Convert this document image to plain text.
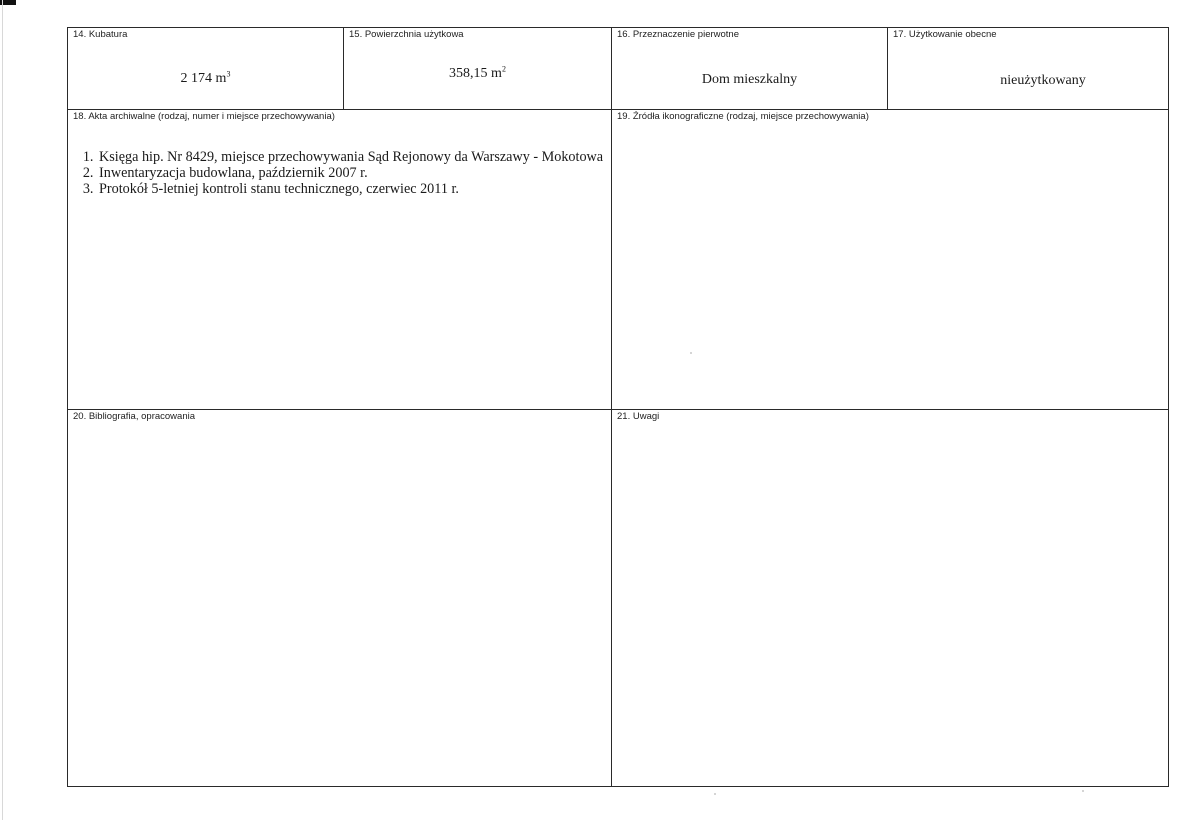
14. Kubatura
2 174 $m^3$
15. Powierzchnia użytkowa
358,15 $m^2$
16. Przeznaczenie pierwotne
Dom mieszkalny
17. Użytkowanie obecne
nieużytkowany
18. Akta archiwalne (rodzaj, numer i miejsce przechowywania)
1. Księga hip. Nr 8429, miejsce przechowywania Sąd Rejonowy da Warszawy - Mokotowa
2. Inwentaryzacja budowlana, październik 2007 r.
3. Protokół 5-letniej kontroli stanu technicznego, czerwiec 2011 r.
19. Źródła ikonograficzne (rodzaj, miejsce przechowywania)
20. Bibliografia, opracowania	21. Uwagi
